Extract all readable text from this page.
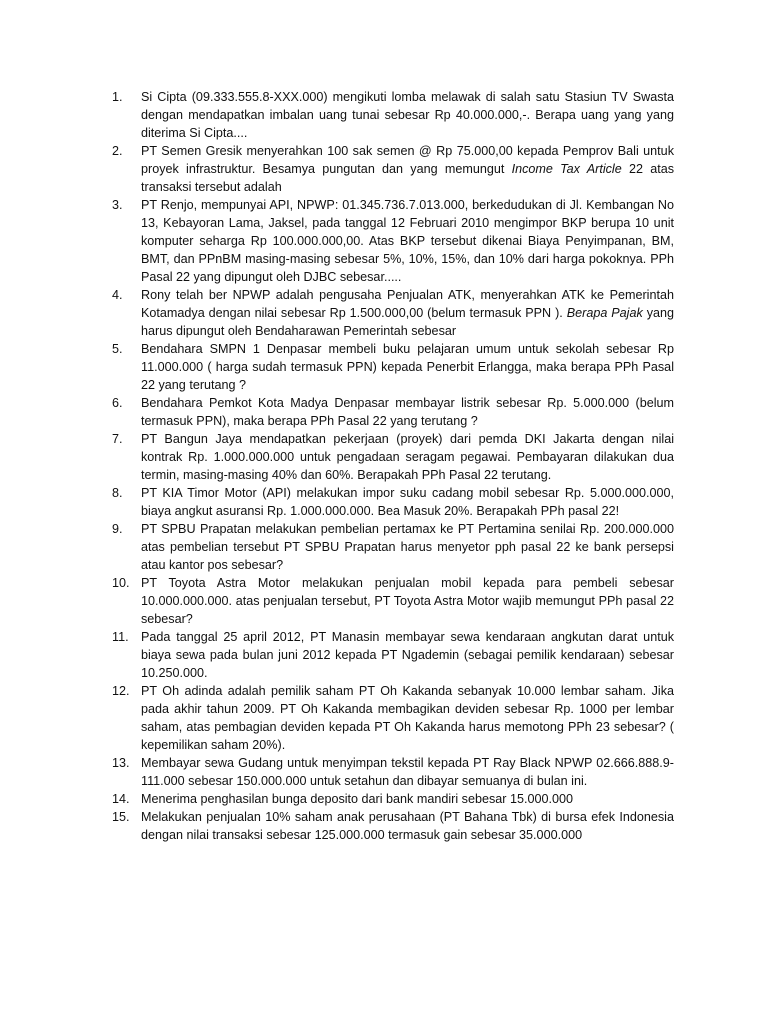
1.	Si Cipta (09.333.555.8-XXX.000) mengikuti lomba melawak di salah satu Stasiun TV Swasta dengan mendapatkan imbalan uang tunai sebesar Rp 40.000.000,-. Berapa uang yang yang diterima Si Cipta....
2.	PT Semen Gresik menyerahkan 100 sak semen @ Rp 75.000,00 kepada Pemprov Bali untuk proyek infrastruktur. Besamya pungutan dan yang memungut Income Tax Article 22 atas transaksi tersebut adalah
3.	PT Renjo, mempunyai API, NPWP: 01.345.736.7.013.000, berkedudukan di Jl. Kembangan No 13, Kebayoran Lama, Jaksel, pada tanggal 12 Februari 2010 mengimpor BKP berupa 10 unit komputer seharga Rp 100.000.000,00. Atas BKP tersebut dikenai Biaya Penyimpanan, BM, BMT, dan PPnBM masing-masing sebesar 5%, 10%, 15%, dan 10% dari harga pokoknya. PPh Pasal 22 yang dipungut oleh DJBC sebesar.....
4.	Rony telah ber NPWP adalah pengusaha Penjualan ATK, menyerahkan ATK ke Pemerintah Kotamadya dengan nilai sebesar Rp 1.500.000,00 (belum termasuk PPN ). Berapa Pajak yang harus dipungut oleh Bendaharawan Pemerintah sebesar
5.	Bendahara SMPN 1 Denpasar membeli buku pelajaran umum untuk sekolah sebesar Rp 11.000.000 ( harga sudah termasuk PPN) kepada Penerbit Erlangga, maka berapa PPh Pasal 22 yang terutang ?
6.	Bendahara Pemkot Kota Madya Denpasar membayar listrik sebesar Rp. 5.000.000 (belum termasuk PPN), maka berapa PPh Pasal 22 yang terutang ?
7.	PT Bangun Jaya mendapatkan pekerjaan (proyek) dari pemda DKI Jakarta dengan nilai kontrak Rp. 1.000.000.000 untuk pengadaan seragam pegawai. Pembayaran dilakukan dua termin, masing-masing 40% dan 60%. Berapakah PPh Pasal 22 terutang.
8.	PT KIA Timor Motor (API) melakukan impor suku cadang mobil sebesar Rp. 5.000.000.000, biaya angkut asuransi Rp. 1.000.000.000. Bea Masuk 20%. Berapakah PPh pasal 22!
9.	PT SPBU Prapatan melakukan pembelian pertamax ke PT Pertamina senilai Rp. 200.000.000 atas pembelian tersebut PT SPBU Prapatan harus menyetor pph pasal 22 ke bank persepsi atau kantor pos sebesar?
10. PT Toyota Astra Motor melakukan penjualan mobil kepada para pembeli sebesar 10.000.000.000. atas penjualan tersebut, PT Toyota Astra Motor wajib memungut PPh pasal 22 sebesar?
11. Pada tanggal 25 april 2012, PT Manasin membayar sewa kendaraan angkutan darat untuk biaya sewa pada bulan juni 2012 kepada PT Ngademin (sebagai pemilik kendaraan) sebesar 10.250.000.
12. PT Oh adinda adalah pemilik saham PT Oh Kakanda sebanyak 10.000 lembar saham. Jika pada akhir tahun 2009. PT Oh Kakanda membagikan deviden sebesar Rp. 1000 per lembar saham, atas pembagian deviden kepada PT Oh Kakanda harus memotong PPh 23 sebesar? ( kepemilikan saham 20%).
13. Membayar sewa Gudang untuk menyimpan tekstil kepada PT Ray Black NPWP 02.666.888.9-111.000 sebesar 150.000.000 untuk setahun dan dibayar semuanya di bulan ini.
14. Menerima penghasilan bunga deposito dari bank mandiri sebesar 15.000.000
15. Melakukan penjualan 10% saham anak perusahaan (PT Bahana Tbk) di bursa efek Indonesia dengan nilai transaksi sebesar 125.000.000 termasuk gain sebesar 35.000.000
